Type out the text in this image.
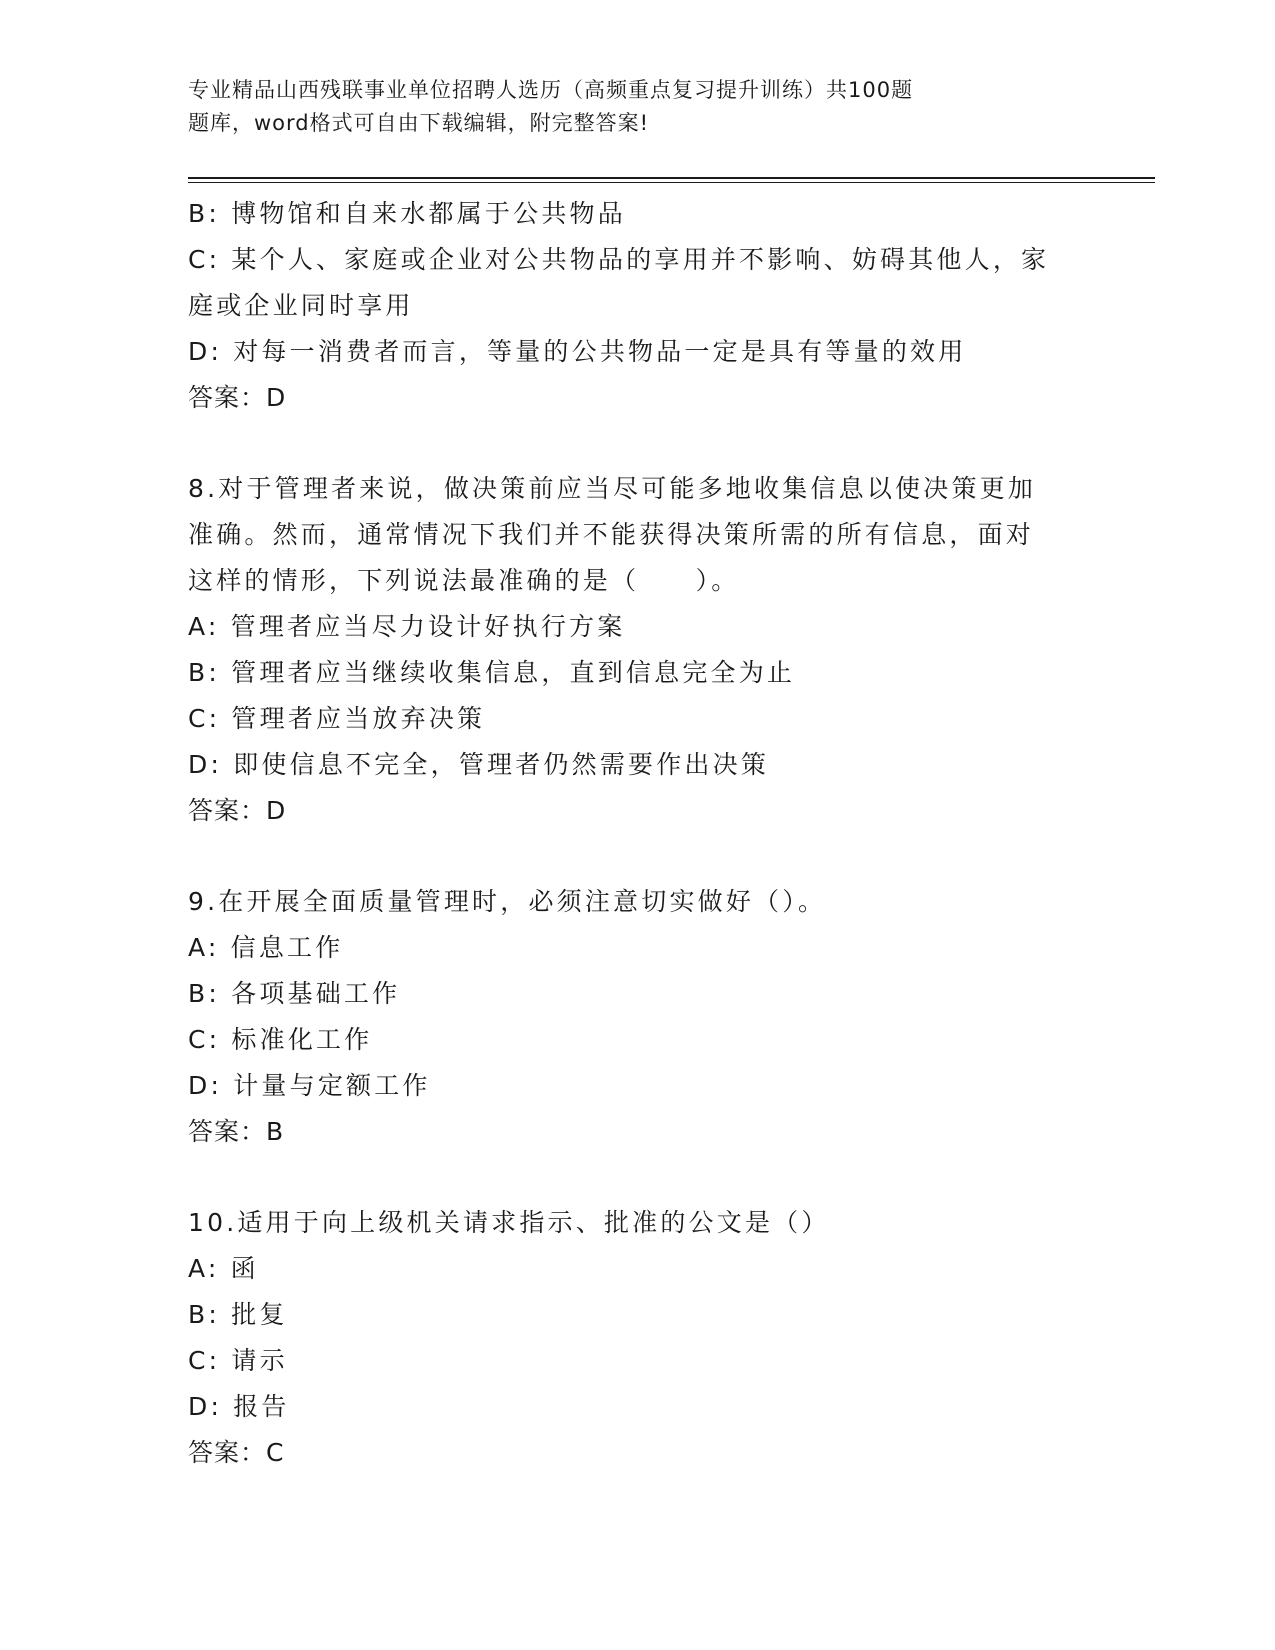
专业精品山西残联事业单位招聘人选历（高频重点复习提升训练）共100题
题库，word格式可自由下载编辑，附完整答案!
B: 博物馆和自来水都属于公共物品
C: 某个人、家庭或企业对公共物品的享用并不影响、妨碍其他人，家
庭或企业同时享用
D: 对每一消费者而言，等量的公共物品一定是具有等量的效用
答案：D
8.对于管理者来说，做决策前应当尽可能多地收集信息以使决策更加
准确。然而，通常情况下我们并不能获得决策所需的所有信息，面对
这样的情形，下列说法最准确的是（　　）。
A: 管理者应当尽力设计好执行方案
B: 管理者应当继续收集信息，直到信息完全为止
C: 管理者应当放弃决策
D: 即使信息不完全，管理者仍然需要作出决策
答案：D
9.在开展全面质量管理时，必须注意切实做好（）。
A: 信息工作
B: 各项基础工作
C: 标准化工作
D: 计量与定额工作
答案：B
10.适用于向上级机关请求指示、批准的公文是（）
A: 函
B: 批复
C: 请示
D: 报告
答案：C
